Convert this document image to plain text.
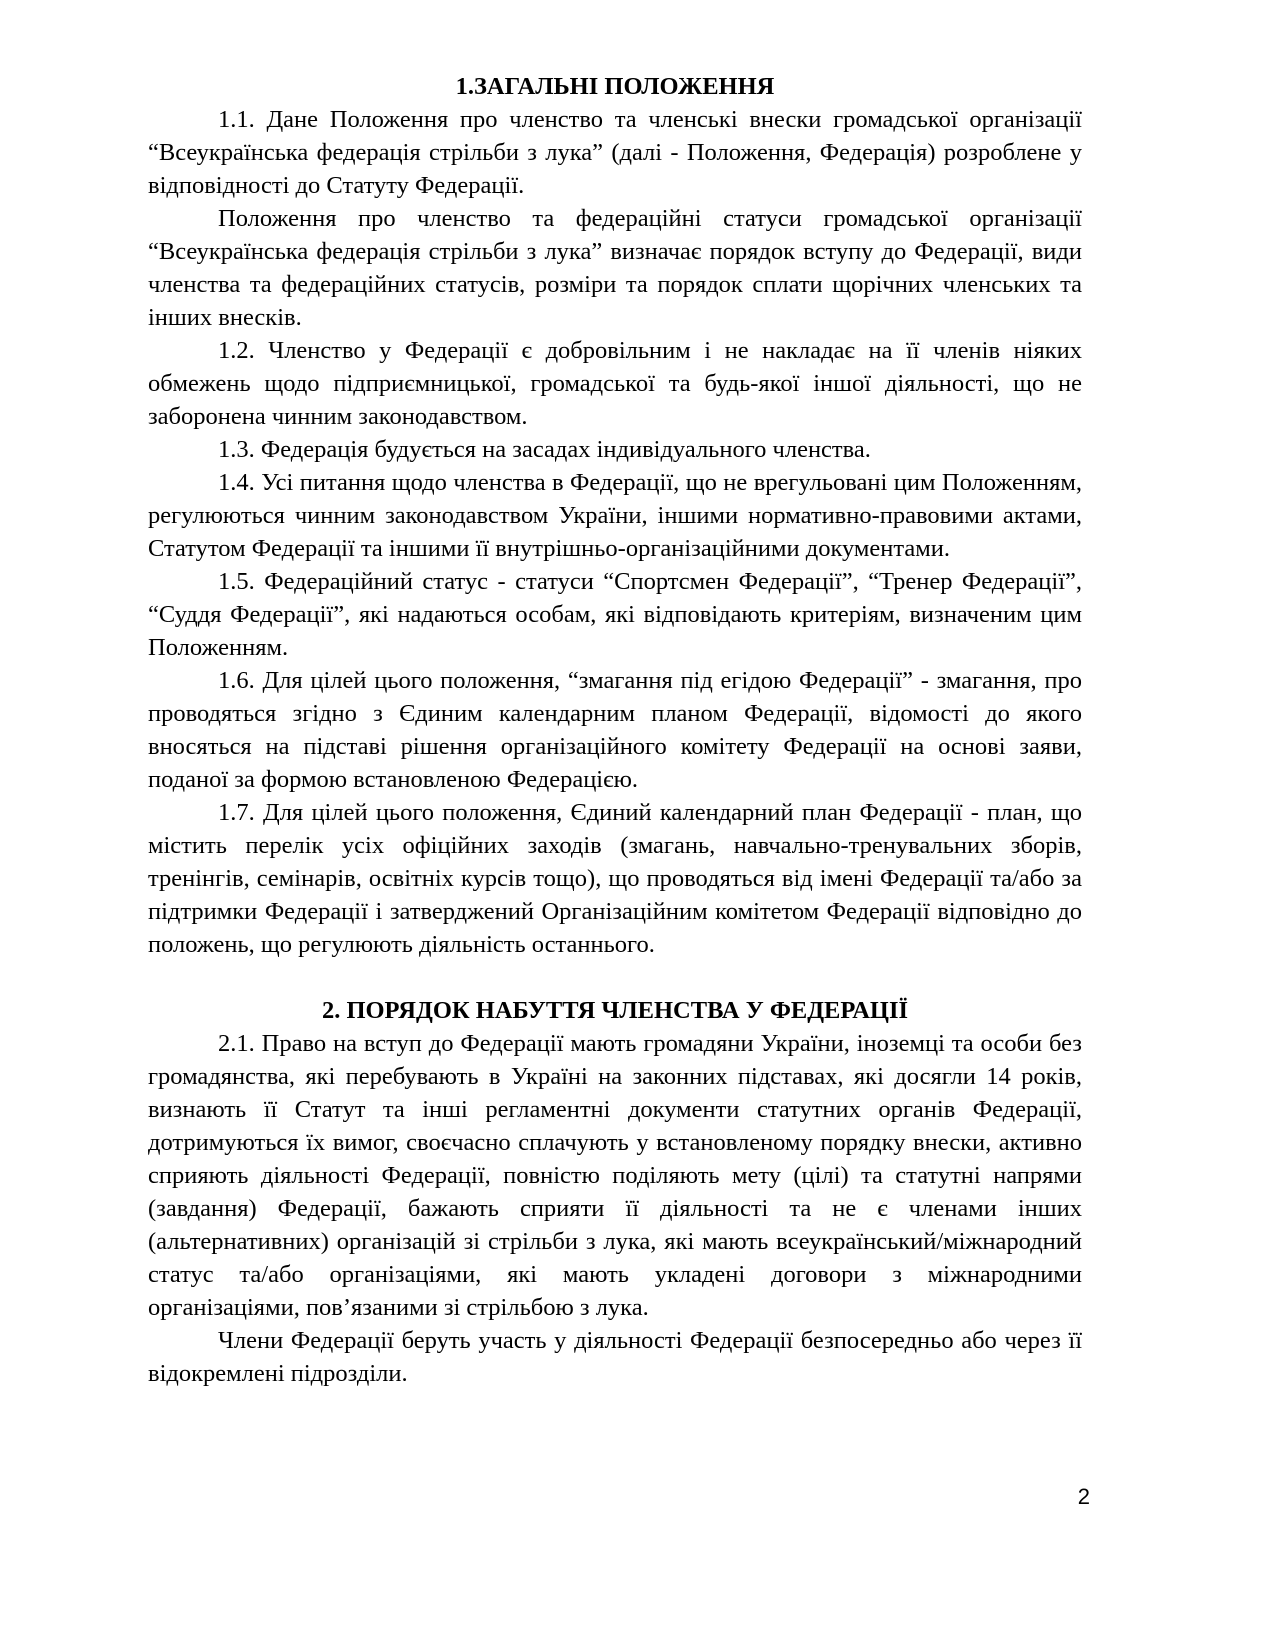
1.ЗАГАЛЬНІ ПОЛОЖЕННЯ

1.1. Дане Положення про членство та членські внески громадської організації “Всеукраїнська федерація стрільби з лука” (далі - Положення, Федерація) розроблене у відповідності до Статуту Федерації.

Положення про членство та федераційні статуси громадської організації “Всеукраїнська федерація стрільби з лука” визначає порядок вступу до Федерації, види членства та федераційних статусів, розміри та порядок сплати щорічних членських та інших внесків.

1.2. Членство у Федерації є добровільним і не накладає на її членів ніяких обмежень щодо підприємницької, громадської та будь-якої іншої діяльності, що не заборонена чинним законодавством.

1.3. Федерація будується на засадах індивідуального членства.

1.4. Усі питання щодо членства в Федерації, що не врегульовані цим Положенням, регулюються чинним законодавством України, іншими нормативно-правовими актами, Статутом Федерації та іншими її внутрішньо-організаційними документами.

1.5. Федераційний статус - статуси “Спортсмен Федерації”, “Тренер Федерації”, “Суддя Федерації”, які надаються особам, які відповідають критеріям, визначеним цим Положенням.

1.6. Для цілей цього положення, “змагання під егідою Федерації” - змагання, про проводяться згідно з Єдиним календарним планом Федерації, відомості до якого вносяться на підставі рішення організаційного комітету Федерації на основі заяви, поданої за формою встановленою Федерацією.

1.7. Для цілей цього положення, Єдиний календарний план Федерації - план, що містить перелік усіх офіційних заходів (змагань, навчально-тренувальних зборів, тренінгів, семінарів, освітніх курсів тощо), що проводяться від імені Федерації та/або за підтримки Федерації і затверджений Організаційним комітетом Федерації відповідно до положень, що регулюють діяльність останнього.

2. ПОРЯДОК НАБУТТЯ ЧЛЕНСТВА У ФЕДЕРАЦІЇ

2.1. Право на вступ до Федерації мають громадяни України, іноземці та особи без громадянства, які перебувають в Україні на законних підставах, які досягли 14 років, визнають її Статут та інші регламентні документи статутних органів Федерації, дотримуються їх вимог, своєчасно сплачують у встановленому порядку внески, активно сприяють діяльності Федерації, повністю поділяють мету (цілі) та статутні напрями (завдання) Федерації, бажають сприяти її діяльності та не є членами інших (альтернативних) організацій зі стрільби з лука, які мають всеукраїнський/міжнародний статус та/або організаціями, які мають укладені договори з міжнародними організаціями, пов’язаними зі стрільбою з лука.

Члени Федерації беруть участь у діяльності Федерації безпосередньо або через її відокремлені підрозділи.

2
